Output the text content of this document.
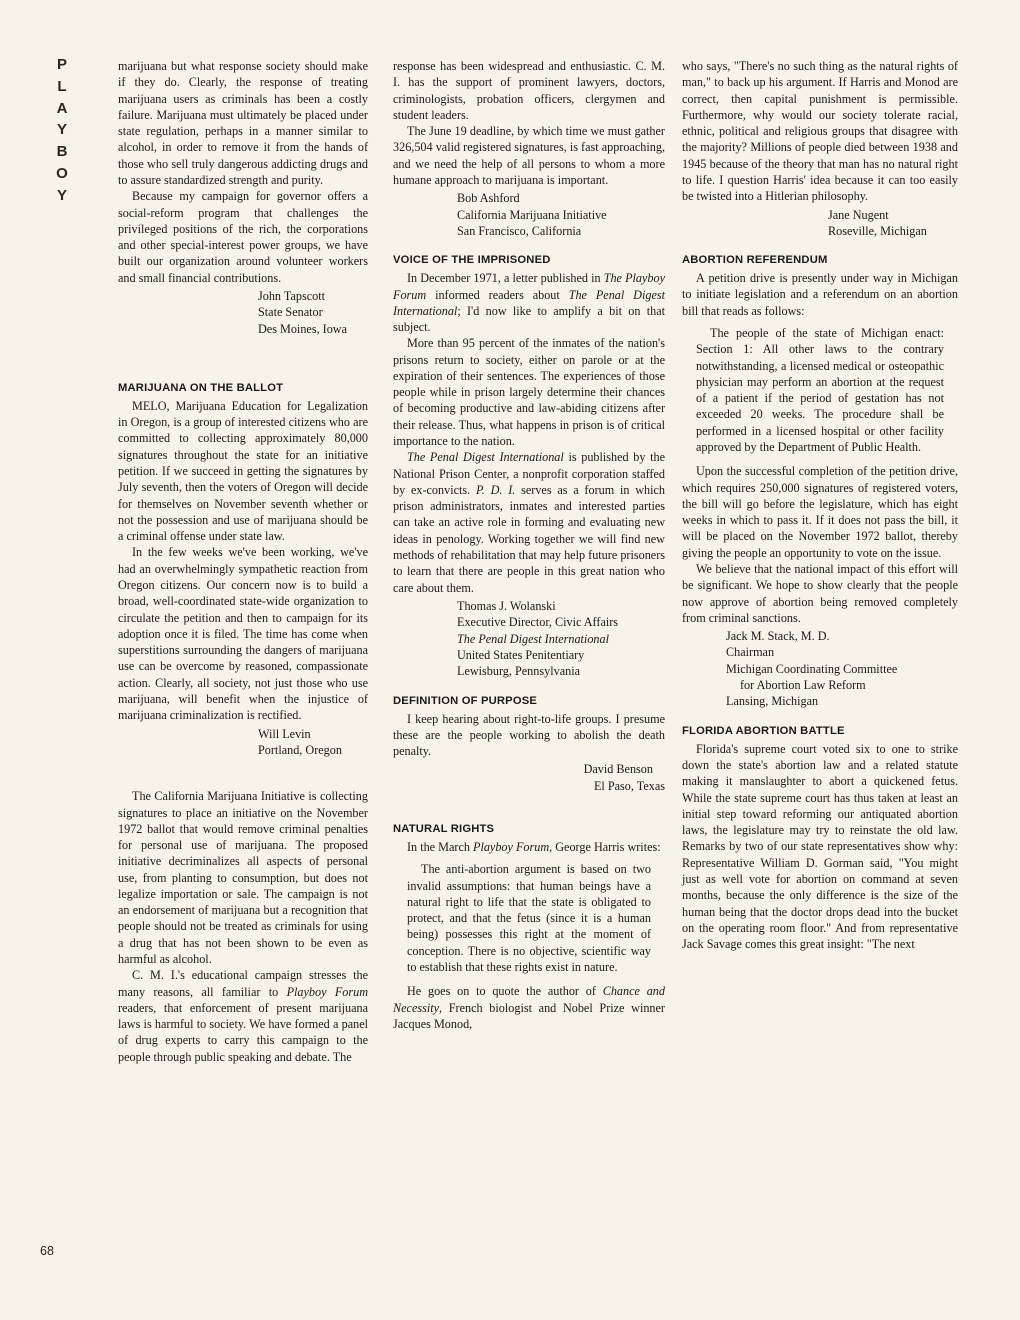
P
L
A
Y
B
O
Y
68

marijuana but what response society should make if they do. Clearly, the response of treating marijuana users as criminals has been a costly failure. Marijuana must ultimately be placed under state regulation, perhaps in a manner similar to alcohol, in order to remove it from the hands of those who sell truly dangerous addicting drugs and to assure standardized strength and purity.

Because my campaign for governor offers a social-reform program that challenges the privileged positions of the rich, the corporations and other special-interest power groups, we have built our organization around volunteer workers and small financial contributions.

John Tapscott
State Senator
Des Moines, Iowa
MARIJUANA ON THE BALLOT

MELO, Marijuana Education for Legalization in Oregon, is a group of interested citizens who are committed to collecting approximately 80,000 signatures throughout the state for an initiative petition. If we succeed in getting the signatures by July seventh, then the voters of Oregon will decide for themselves on November seventh whether or not the possession and use of marijuana should be a criminal offense under state law.

In the few weeks we've been working, we've had an overwhelmingly sympathetic reaction from Oregon citizens. Our concern now is to build a broad, well-coordinated state-wide organization to circulate the petition and then to campaign for its adoption once it is filed. The time has come when superstitions surrounding the dangers of marijuana use can be overcome by reasoned, compassionate action. Clearly, all society, not just those who use marijuana, will benefit when the injustice of marijuana criminalization is rectified.

Will Levin
Portland, Oregon

The California Marijuana Initiative is collecting signatures to place an initiative on the November 1972 ballot that would remove criminal penalties for personal use of marijuana. The proposed initiative decriminalizes all aspects of personal use, from planting to consumption, but does not legalize importation or sale. The campaign is not an endorsement of marijuana but a recognition that people should not be treated as criminals for using a drug that has not been shown to be even as harmful as alcohol.

C. M. I.'s educational campaign stresses the many reasons, all familiar to Playboy Forum readers, that enforcement of present marijuana laws is harmful to society. We have formed a panel of drug experts to carry this campaign to the people through public speaking and debate. The

response has been widespread and enthusiastic. C. M. I. has the support of prominent lawyers, doctors, criminologists, probation officers, clergymen and student leaders.

The June 19 deadline, by which time we must gather 326,504 valid registered signatures, is fast approaching, and we need the help of all persons to whom a more humane approach to marijuana is important.

Bob Ashford
California Marijuana Initiative
San Francisco, California
VOICE OF THE IMPRISONED

In December 1971, a letter published in The Playboy Forum informed readers about The Penal Digest International; I'd now like to amplify a bit on that subject.

More than 95 percent of the inmates of the nation's prisons return to society, either on parole or at the expiration of their sentences. The experiences of those people while in prison largely determine their chances of becoming productive and law-abiding citizens after their release. Thus, what happens in prison is of critical importance to the nation.

The Penal Digest International is published by the National Prison Center, a nonprofit corporation staffed by ex-convicts. P. D. I. serves as a forum in which prison administrators, inmates and interested parties can take an active role in forming and evaluating new ideas in penology. Working together we will find new methods of rehabilitation that may help future prisoners to learn that there are people in this great nation who care about them.

Thomas J. Wolanski
Executive Director, Civic Affairs
The Penal Digest International
United States Penitentiary
Lewisburg, Pennsylvania
DEFINITION OF PURPOSE

I keep hearing about right-to-life groups. I presume these are the people working to abolish the death penalty.

David Benson
El Paso, Texas
NATURAL RIGHTS

In the March Playboy Forum, George Harris writes:

The anti-abortion argument is based on two invalid assumptions: that human beings have a natural right to life that the state is obligated to protect, and that the fetus (since it is a human being) possesses this right at the moment of conception. There is no objective, scientific way to establish that these rights exist in nature.

He goes on to quote the author of Chance and Necessity, French biologist and Nobel Prize winner Jacques Monod,

who says, "There's no such thing as the natural rights of man," to back up his argument. If Harris and Monod are correct, then capital punishment is permissible. Furthermore, why would our society tolerate racial, ethnic, political and religious groups that disagree with the majority? Millions of people died between 1938 and 1945 because of the theory that man has no natural right to life. I question Harris' idea because it can too easily be twisted into a Hitlerian philosophy.

Jane Nugent
Roseville, Michigan
ABORTION REFERENDUM

A petition drive is presently under way in Michigan to initiate legislation and a referendum on an abortion bill that reads as follows:

The people of the state of Michigan enact: Section 1: All other laws to the contrary notwithstanding, a licensed medical or osteopathic physician may perform an abortion at the request of a patient if the period of gestation has not exceeded 20 weeks. The procedure shall be performed in a licensed hospital or other facility approved by the Department of Public Health.

Upon the successful completion of the petition drive, which requires 250,000 signatures of registered voters, the bill will go before the legislature, which has eight weeks in which to pass it. If it does not pass the bill, it will be placed on the November 1972 ballot, thereby giving the people an opportunity to vote on the issue.

We believe that the national impact of this effort will be significant. We hope to show clearly that the people now approve of abortion being removed completely from criminal sanctions.

Jack M. Stack, M. D.
Chairman
Michigan Coordinating Committee
for Abortion Law Reform
Lansing, Michigan
FLORIDA ABORTION BATTLE

Florida's supreme court voted six to one to strike down the state's abortion law and a related statute making it manslaughter to abort a quickened fetus. While the state supreme court has thus taken at least an initial step toward reforming our antiquated abortion laws, the legislature may try to reinstate the old law. Remarks by two of our state representatives show why: Representative William D. Gorman said, "You might just as well vote for abortion on command at seven months, because the only difference is the size of the human being that the doctor drops dead into the bucket on the operating room floor." And from representative Jack Savage comes this great insight: "The next
